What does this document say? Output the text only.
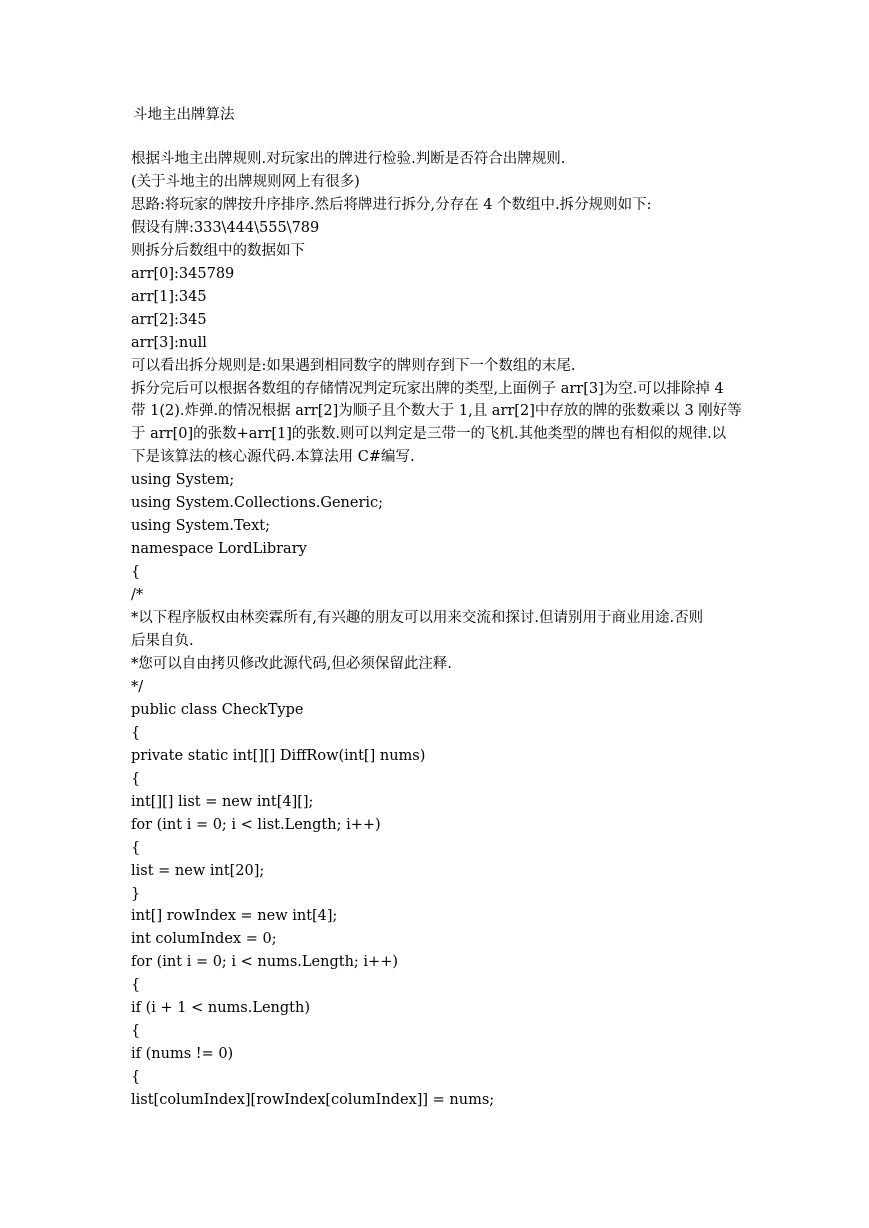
斗地主出牌算法
根据斗地主出牌规则.对玩家出的牌进行检验.判断是否符合出牌规则.
(关于斗地主的出牌规则网上有很多)
思路:将玩家的牌按升序排序.然后将牌进行拆分,分存在 4 个数组中.拆分规则如下:
假设有牌:333\444\555\789
则拆分后数组中的数据如下
arr[0]:345789
arr[1]:345
arr[2]:345
arr[3]:null
可以看出拆分规则是:如果遇到相同数字的牌则存到下一个数组的末尾.
拆分完后可以根据各数组的存储情况判定玩家出牌的类型,上面例子 arr[3]为空.可以排除掉 4
带 1(2).炸弹.的情况根据 arr[2]为顺子且个数大于 1,且 arr[2]中存放的牌的张数乘以 3 刚好等
于 arr[0]的张数+arr[1]的张数.则可以判定是三带一的飞机.其他类型的牌也有相似的规律.以
下是该算法的核心源代码.本算法用 C#编写.
using System;
using System.Collections.Generic;
using System.Text;
namespace LordLibrary
{
/*
*以下程序版权由林奕霖所有,有兴趣的朋友可以用来交流和探讨.但请别用于商业用途.否则
后果自负.
*您可以自由拷贝修改此源代码,但必须保留此注释.
*/
public class CheckType
{
private static int[][] DiffRow(int[] nums)
{
int[][] list = new int[4][];
for (int i = 0; i < list.Length; i++)
{
list = new int[20];
}
int[] rowIndex = new int[4];
int columIndex = 0;
for (int i = 0; i < nums.Length; i++)
{
if (i + 1 < nums.Length)
{
if (nums != 0)
{
list[columIndex][rowIndex[columIndex]] = nums;
